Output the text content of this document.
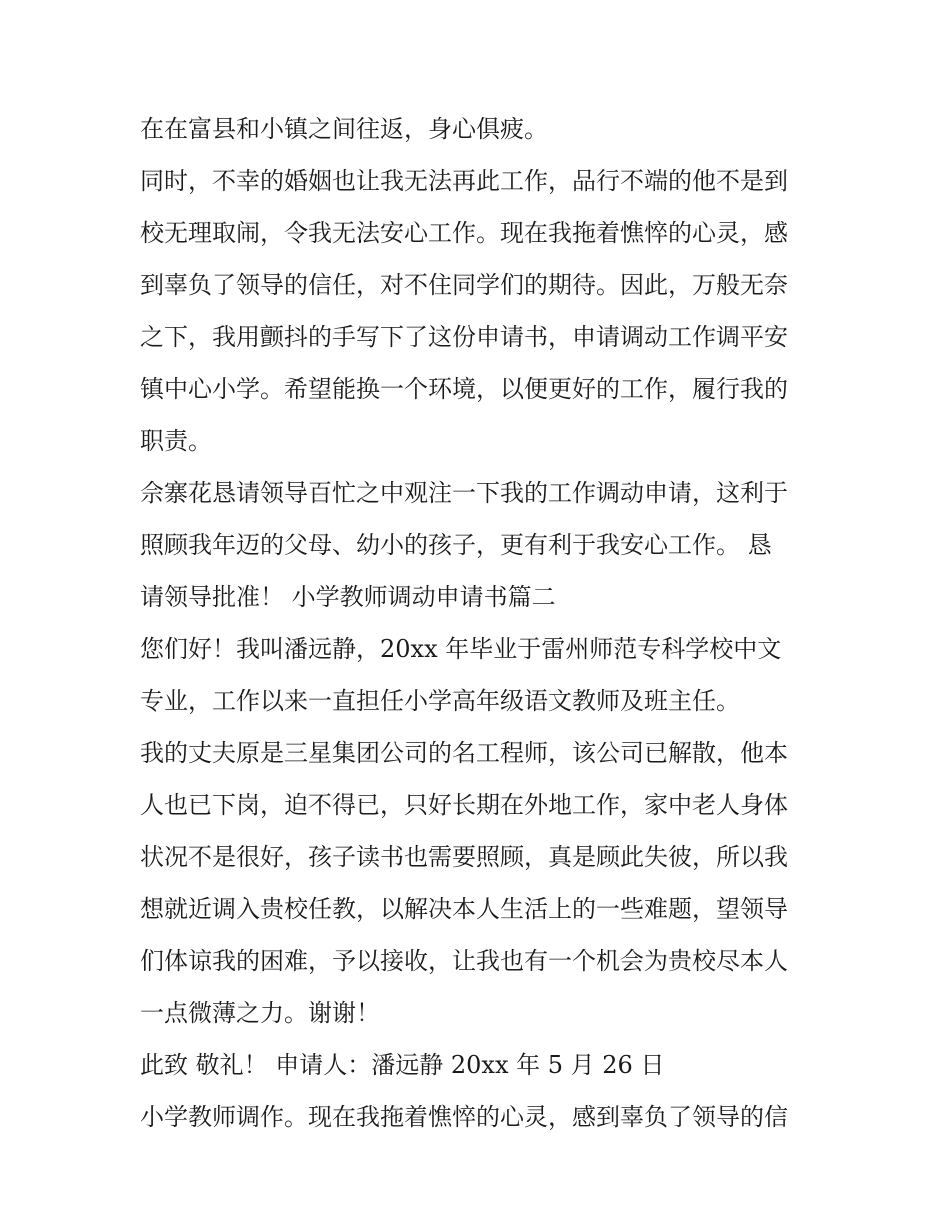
在在富县和小镇之间往返，身心俱疲。
同时，不幸的婚姻也让我无法再此工作，品行不端的他不是到
校无理取闹，令我无法安心工作。现在我拖着憔悴的心灵，感
到辜负了领导的信任，对不住同学们的期待。因此，万般无奈
之下，我用颤抖的手写下了这份申请书，申请调动工作调平安
镇中心小学。希望能换一个环境，以便更好的工作，履行我的
职责。
佘寨花恳请领导百忙之中观注一下我的工作调动申请，这利于
照顾我年迈的父母、幼小的孩子，更有利于我安心工作。 恳
请领导批准！ 小学教师调动申请书篇二
您们好！我叫潘远静，20xx 年毕业于雷州师范专科学校中文
专业，工作以来一直担任小学高年级语文教师及班主任。
我的丈夫原是三星集团公司的名工程师，该公司已解散，他本
人也已下岗，迫不得已，只好长期在外地工作，家中老人身体
状况不是很好，孩子读书也需要照顾，真是顾此失彼，所以我
想就近调入贵校任教，以解决本人生活上的一些难题，望领导
们体谅我的困难，予以接收，让我也有一个机会为贵校尽本人
一点微薄之力。谢谢！
此致 敬礼！ 申请人：潘远静 20xx 年 5 月 26 日
小学教师调作。现在我拖着憔悴的心灵，感到辜负了领导的信
